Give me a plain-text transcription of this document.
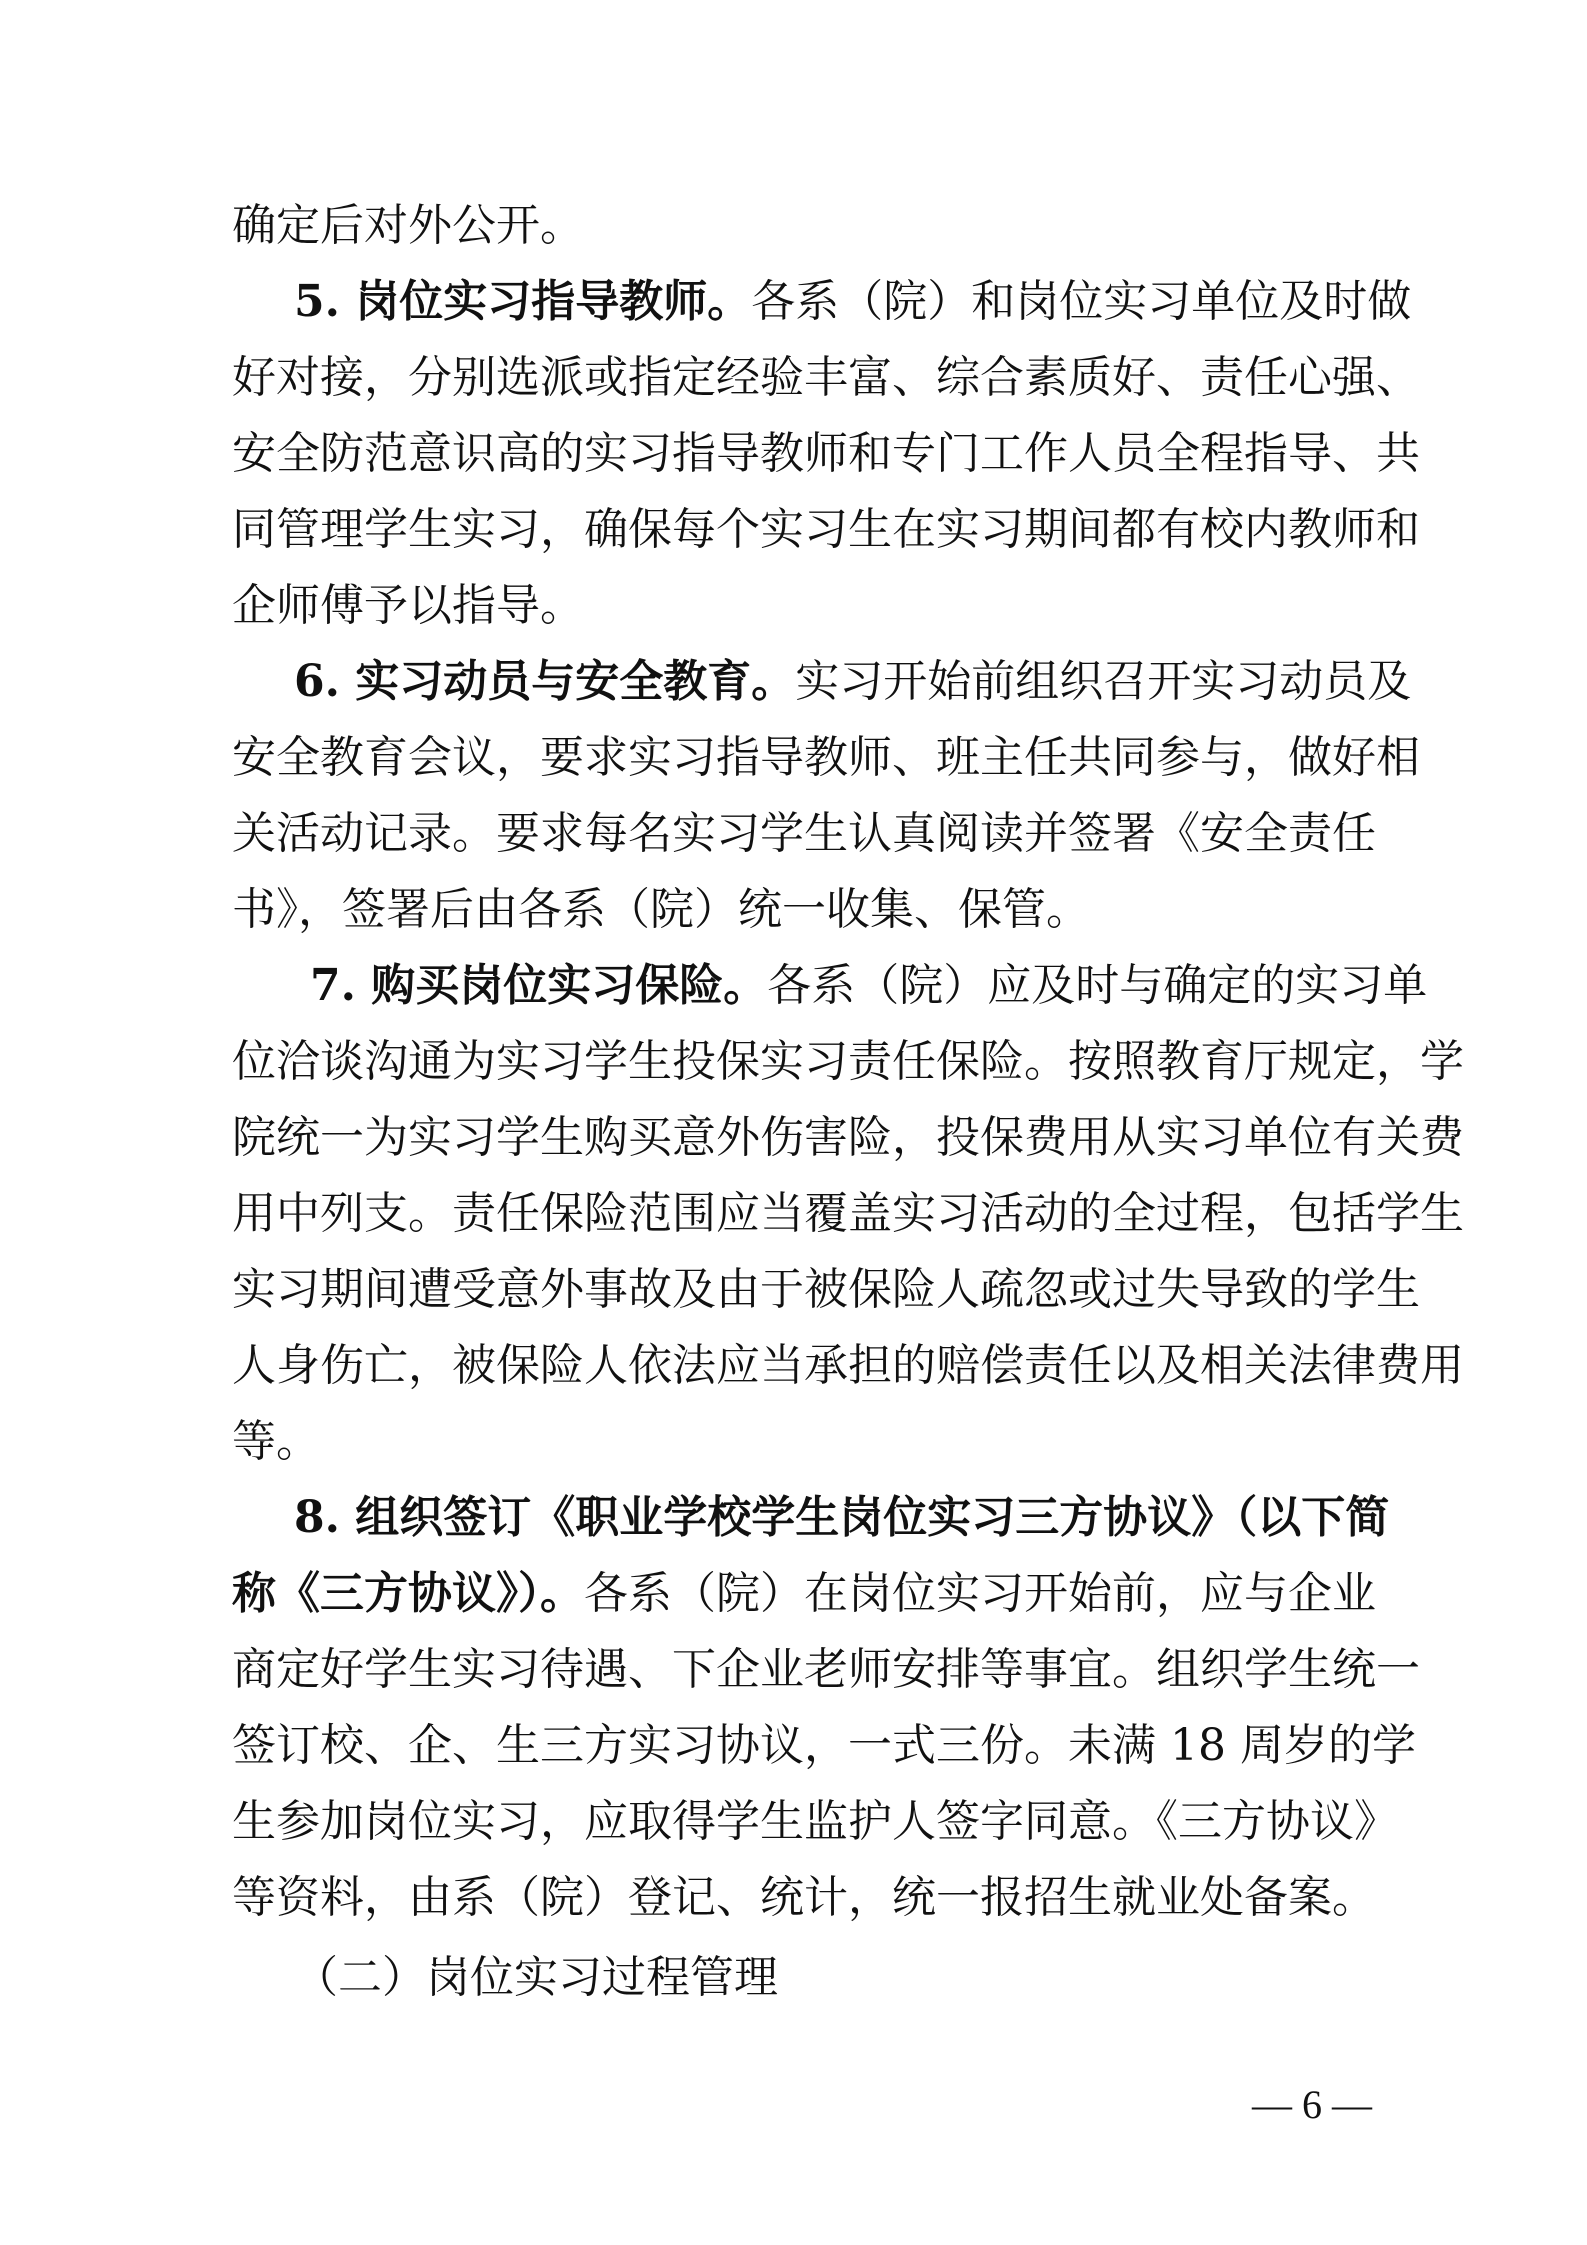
确定后对外公开。
5. 岗位实习指导教师。各系（院）和岗位实习单位及时做
好对接，分别选派或指定经验丰富、综合素质好、责任心强、
安全防范意识高的实习指导教师和专门工作人员全程指导、共
同管理学生实习，确保每个实习生在实习期间都有校内教师和
企师傅予以指导。
6. 实习动员与安全教育。实习开始前组织召开实习动员及
安全教育会议，要求实习指导教师、班主任共同参与，做好相
关活动记录。要求每名实习学生认真阅读并签署《安全责任
书》，签署后由各系（院）统一收集、保管。
7. 购买岗位实习保险。各系（院）应及时与确定的实习单
位洽谈沟通为实习学生投保实习责任保险。按照教育厅规定，学
院统一为实习学生购买意外伤害险，投保费用从实习单位有关费
用中列支。责任保险范围应当覆盖实习活动的全过程，包括学生
实习期间遭受意外事故及由于被保险人疏忽或过失导致的学生
人身伤亡，被保险人依法应当承担的赔偿责任以及相关法律费用
等。
8. 组织签订《职业学校学生岗位实习三方协议》（以下简
称《三方协议》）。各系（院）在岗位实习开始前，应与企业
商定好学生实习待遇、下企业老师安排等事宜。组织学生统一
签订校、企、生三方实习协议，一式三份。未满 18 周岁的学
生参加岗位实习，应取得学生监护人签字同意。《三方协议》
等资料，由系（院）登记、统计，统一报招生就业处备案。
（二）岗位实习过程管理
— 6 —
